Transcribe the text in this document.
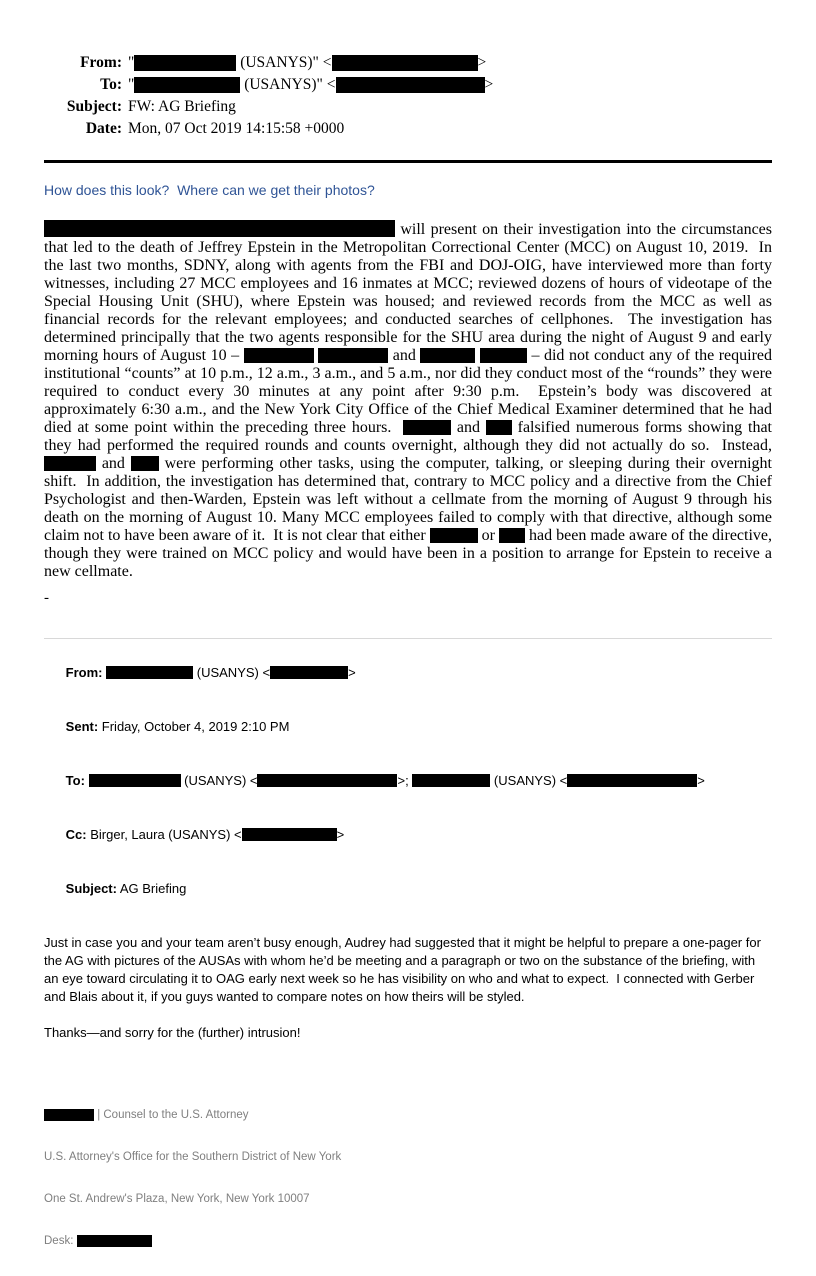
From: "	(USANYS)" <	>
To: "	(USANYS)" <	>
Subject: FW: AG Briefing
Date: Mon, 07 Oct 2019 14:15:58 +0000
How does this look?  Where can we get their photos?
will present on their investigation into the circumstances that led to the death of Jeffrey Epstein in the Metropolitan Correctional Center (MCC) on August 10, 2019.  In the last two months, SDNY, along with agents from the FBI and DOJ-OIG, have interviewed more than forty witnesses, including 27 MCC employees and 16 inmates at MCC; reviewed dozens of hours of videotape of the Special Housing Unit (SHU), where Epstein was housed; and reviewed records from the MCC as well as financial records for the relevant employees; and conducted searches of cellphones.  The investigation has determined principally that the two agents responsible for the SHU area during the night of August 9 and early morning hours of August 10 –	and	– did not conduct any of the required institutional “counts” at 10 p.m., 12 a.m., 3 a.m., and 5 a.m., nor did they conduct most of the “rounds” they were required to conduct every 30 minutes at any point after 9:30 p.m.  Epstein’s body was discovered at approximately 6:30 a.m., and the New York City Office of the Chief Medical Examiner determined that he had died at some point within the preceding three hours.	and  falsified numerous forms showing that they had performed the required rounds and counts overnight, although they did not actually do so.  Instead,  and  were performing other tasks, using the computer, talking, or sleeping during their overnight shift.  In addition, the investigation has determined that, contrary to MCC policy and a directive from the Chief Psychologist and then-Warden, Epstein was left without a cellmate from the morning of August 9 through his death on the morning of August 10. Many MCC employees failed to comply with that directive, although some claim not to have been aware of it.  It is not clear that either	or  had been made aware of the directive, though they were trained on MCC policy and would have been in a position to arrange for Epstein to receive a new cellmate.
-

From:	(USANYS) <	>

Sent: Friday, October 4, 2019 2:10 PM

To:	(USANYS) <	>;	(USANYS) <	>

Cc: Birger, Laura (USANYS) <	>

Subject: AG Briefing

Just in case you and your team aren’t busy enough, Audrey had suggested that it might be helpful to prepare a one-pager for the AG with pictures of the AUSAs with whom he’d be meeting and a paragraph or two on the substance of the briefing, with an eye toward circulating it to OAG early next week so he has visibility on who and what to expect.  I connected with Gerber and Blais about it, if you guys wanted to compare notes on how theirs will be styled.
Thanks—and sorry for the (further) intrusion!

| Counsel to the U.S. Attorney

U.S. Attorney's Office for the Southern District of New York

One St. Andrew's Plaza, New York, New York 10007

Desk:
